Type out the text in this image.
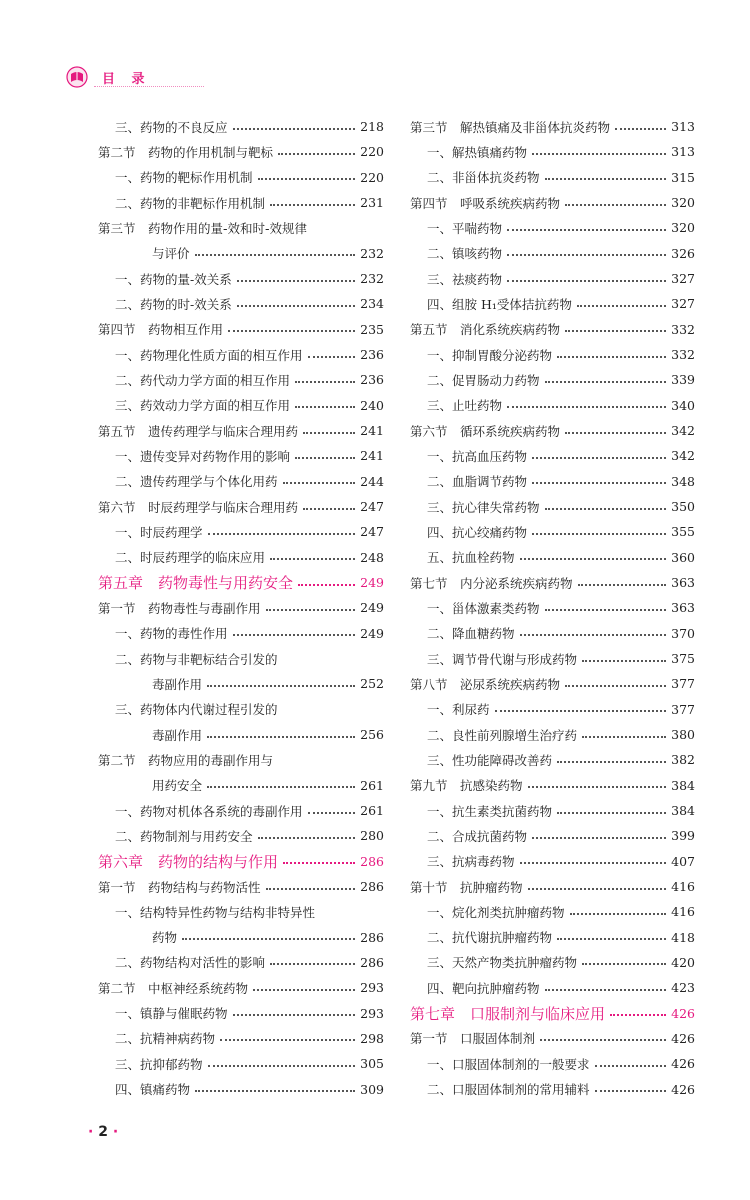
目 录
三、药物的不良反应	218
第二节　药物的作用机制与靶标	220
一、药物的靶标作用机制	220
二、药物的非靶标作用机制	231
第三节　药物作用的量-效和时-效规律
与评价	232
一、药物的量-效关系	232
二、药物的时-效关系	234
第四节　药物相互作用	235
一、药物理化性质方面的相互作用	236
二、药代动力学方面的相互作用	236
三、药效动力学方面的相互作用	240
第五节　遗传药理学与临床合理用药	241
一、遗传变异对药物作用的影响	241
二、遗传药理学与个体化用药	244
第六节　时辰药理学与临床合理用药	247
一、时辰药理学	247
二、时辰药理学的临床应用	248
第五章　药物毒性与用药安全	249
第一节　药物毒性与毒副作用	249
一、药物的毒性作用	249
二、药物与非靶标结合引发的
毒副作用	252
三、药物体内代谢过程引发的
毒副作用	256
第二节　药物应用的毒副作用与
用药安全	261
一、药物对机体各系统的毒副作用	261
二、药物制剂与用药安全	280
第六章　药物的结构与作用	286
第一节　药物结构与药物活性	286
一、结构特异性药物与结构非特异性
药物	286
二、药物结构对活性的影响	286
第二节　中枢神经系统药物	293
一、镇静与催眠药物	293
二、抗精神病药物	298
三、抗抑郁药物	305
四、镇痛药物	309
第三节　解热镇痛及非甾体抗炎药物	313
一、解热镇痛药物	313
二、非甾体抗炎药物	315
第四节　呼吸系统疾病药物	320
一、平喘药物	320
二、镇咳药物	326
三、祛痰药物	327
四、组胺 H₁受体拮抗药物	327
第五节　消化系统疾病药物	332
一、抑制胃酸分泌药物	332
二、促胃肠动力药物	339
三、止吐药物	340
第六节　循环系统疾病药物	342
一、抗高血压药物	342
二、血脂调节药物	348
三、抗心律失常药物	350
四、抗心绞痛药物	355
五、抗血栓药物	360
第七节　内分泌系统疾病药物	363
一、甾体激素类药物	363
二、降血糖药物	370
三、调节骨代谢与形成药物	375
第八节　泌尿系统疾病药物	377
一、利尿药	377
二、良性前列腺增生治疗药	380
三、性功能障碍改善药	382
第九节　抗感染药物	384
一、抗生素类抗菌药物	384
二、合成抗菌药物	399
三、抗病毒药物	407
第十节　抗肿瘤药物	416
一、烷化剂类抗肿瘤药物	416
二、抗代谢抗肿瘤药物	418
三、天然产物类抗肿瘤药物	420
四、靶向抗肿瘤药物	423
第七章　口服制剂与临床应用	426
第一节　口服固体制剂	426
一、口服固体制剂的一般要求	426
二、口服固体制剂的常用辅料	426
· 2 ·
